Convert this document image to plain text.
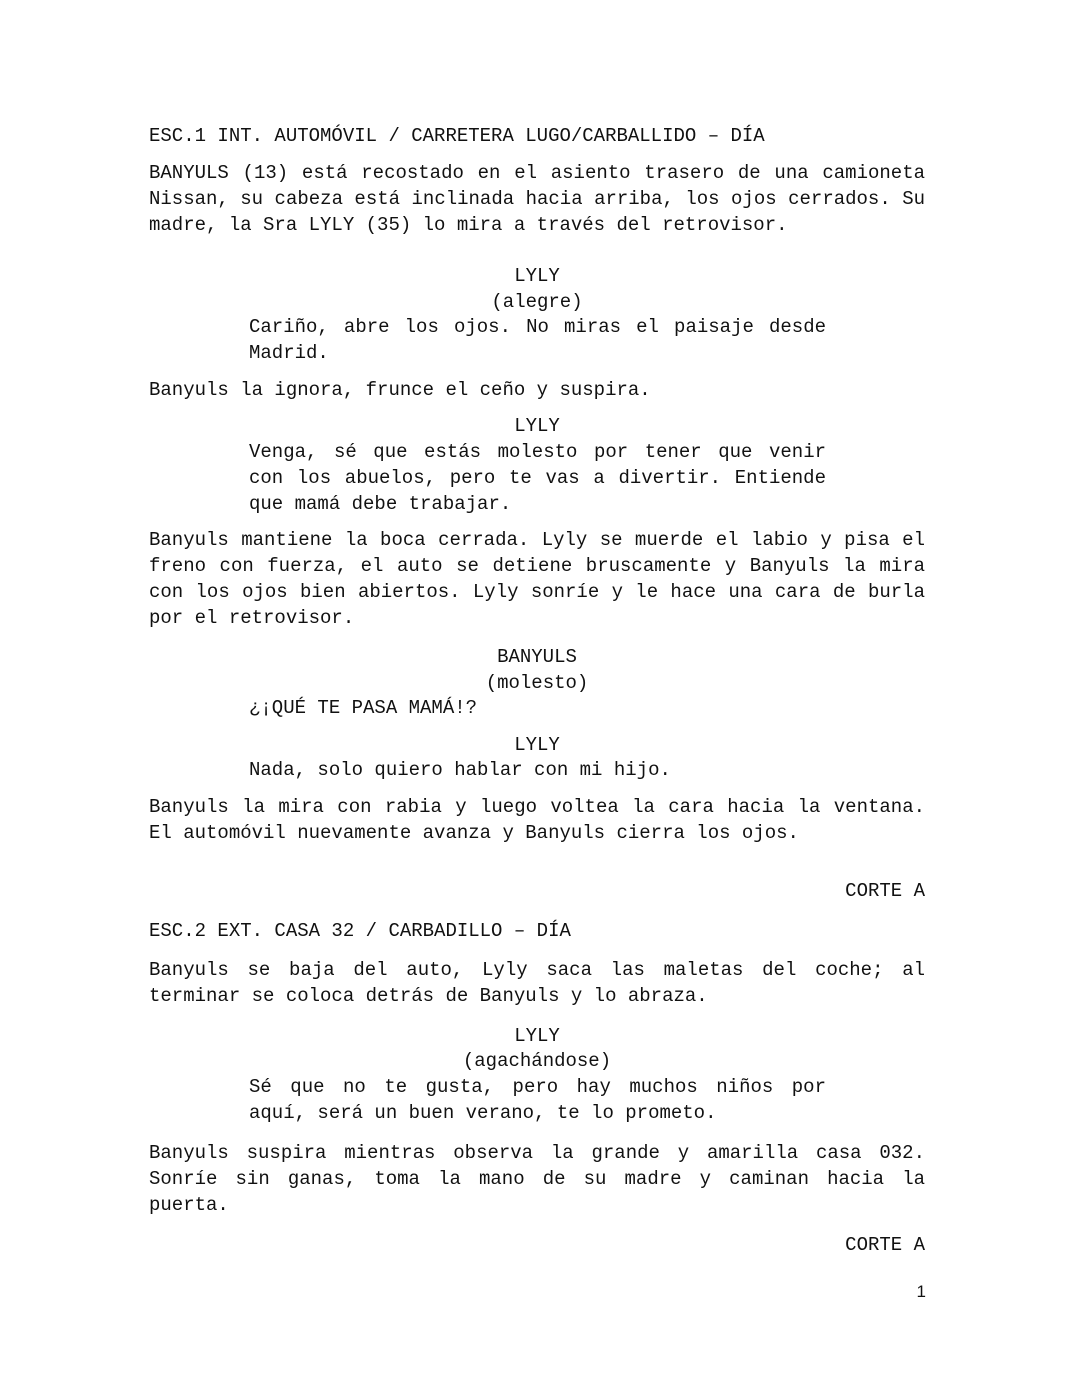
ESC.1 INT. AUTOMÓVIL / CARRETERA LUGO/CARBALLIDO – DÍA
BANYULS (13) está recostado en el asiento trasero de una camioneta Nissan, su cabeza está inclinada hacia arriba, los ojos cerrados. Su madre, la Sra LYLY (35) lo mira a través del retrovisor.
LYLY
(alegre)
Cariño, abre los ojos. No miras el paisaje desde Madrid.
Banyuls la ignora, frunce el ceño y suspira.
LYLY
Venga, sé que estás molesto por tener que venir con los abuelos, pero te vas a divertir. Entiende que mamá debe trabajar.
Banyuls mantiene la boca cerrada. Lyly se muerde el labio y pisa el freno con fuerza, el auto se detiene bruscamente y Banyuls la mira con los ojos bien abiertos. Lyly sonríe y le hace una cara de burla por el retrovisor.
BANYULS
(molesto)
¿¡QUÉ TE PASA MAMÁ!?
LYLY
Nada, solo quiero hablar con mi hijo.
Banyuls la mira con rabia y luego voltea la cara hacia la ventana. El automóvil nuevamente avanza y Banyuls cierra los ojos.
CORTE A
ESC.2 EXT. CASA 32 / CARBADILLO – DÍA
Banyuls se baja del auto, Lyly saca las maletas del coche; al terminar se coloca detrás de Banyuls y lo abraza.
LYLY
(agachándose)
Sé que no te gusta, pero hay muchos niños por aquí, será un buen verano, te lo prometo.
Banyuls suspira mientras observa la grande y amarilla casa 032. Sonríe sin ganas, toma la mano de su madre y caminan hacia la puerta.
CORTE A
1
